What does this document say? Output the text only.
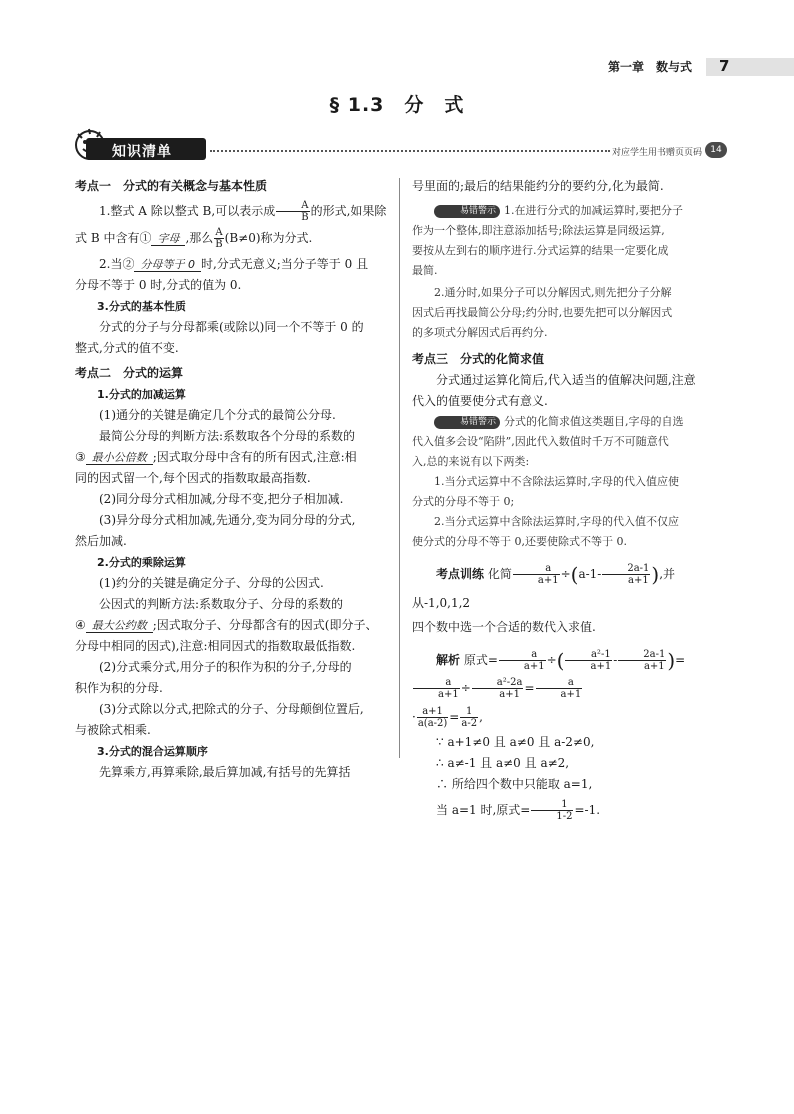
第一章　数与式 7
§ 1.3　分　式
知识清单	对应学生用书赠页页码 14

考点一　分式的有关概念与基本性质

1.整式 A 除以整式 B,可以表示成 $\frac{A}{B}$ 的形式,如果除

式 B 中含有① 字母 ,那么 $\frac{A}{B} (B\ne 0)$称为分式.

2.当② 分母等于 0 时,分式无意义;当分子等于 0 且

分母不等于 0 时,分式的值为 0.

3.分式的基本性质

分式的分子与分母都乘(或除以)同一个不等于 0 的

整式,分式的值不变.

考点二　分式的运算

1.分式的加减运算

(1)通分的关键是确定几个分式的最简公分母.

最简公分母的判断方法:系数取各个分母的系数的

③ 最小公倍数 ;因式取分母中含有的所有因式,注意:相

同的因式留一个,每个因式的指数取最高指数.

(2)同分母分式相加减,分母不变,把分子相加减.

(3)异分母分式相加减,先通分,变为同分母的分式,

然后加减.

2.分式的乘除运算

(1)约分的关键是确定分子、分母的公因式.

公因式的判断方法:系数取分子、分母的系数的

④ 最大公约数 ;因式取分子、分母都含有的因式(即分子、

分母中相同的因式),注意:相同因式的指数取最低指数.

(2)分式乘分式,用分子的积作为积的分子,分母的

积作为积的分母.

(3)分式除以分式,把除式的分子、分母颠倒位置后,

与被除式相乘.

3.分式的混合运算顺序

先算乘方,再算乘除,最后算加减,有括号的先算括

号里面的;最后的结果能约分的要约分,化为最简.

易错警示 1.在进行分式的加减运算时,要把分子

作为一个整体,即注意添加括号;除法运算是同级运算,

要按从左到右的顺序进行.分式运算的结果一定要化成

最简.

2.通分时,如果分子可以分解因式,则先把分子分解

因式后再找最简公分母;约分时,也要先把可以分解因式

的多项式分解因式后再约分.

考点三　分式的化简求值

分式通过运算化简后,代入适当的值解决问题,注意

代入的值要使分式有意义.

易错警示 分式的化简求值这类题目,字母的自选

代入值多会设“陷阱”,因此代入数值时千万不可随意代

入,总的来说有以下两类:

1.当分式运算中不含除法运算时,字母的代入值应使

分式的分母不等于 0;

2.当分式运算中含除法运算时,字母的代入值不仅应

使分式的分母不等于 0,还要使除式不等于 0.

考点训练 化简 $\frac{a}{a+1} \div(a-1- \frac{2a-1}{a+1}$ ),并从-1,0,1,2

四个数中选一个合适的数代入求值.

解析 原式= $\frac{a}{a+1}$ ÷( $\frac{\text{a²-1}}{a+1} - \frac{2a-1}{a+1}$ )=
$\frac{a}{a+1} \div \frac{\text{a²-2a}}{a+1} = \frac{a}{a+1}$

· $\frac{a+1}{a(a-2)} = \frac{1}{a-2}$ ,

∵ a+1≠0 且 a≠0 且 a-2≠0,

∴ a≠-1 且 a≠0 且 a≠2,

∴ 所给四个数中只能取 a=1,

当 a=1 时,原式= $\frac{1}{1-2} =-1$.
